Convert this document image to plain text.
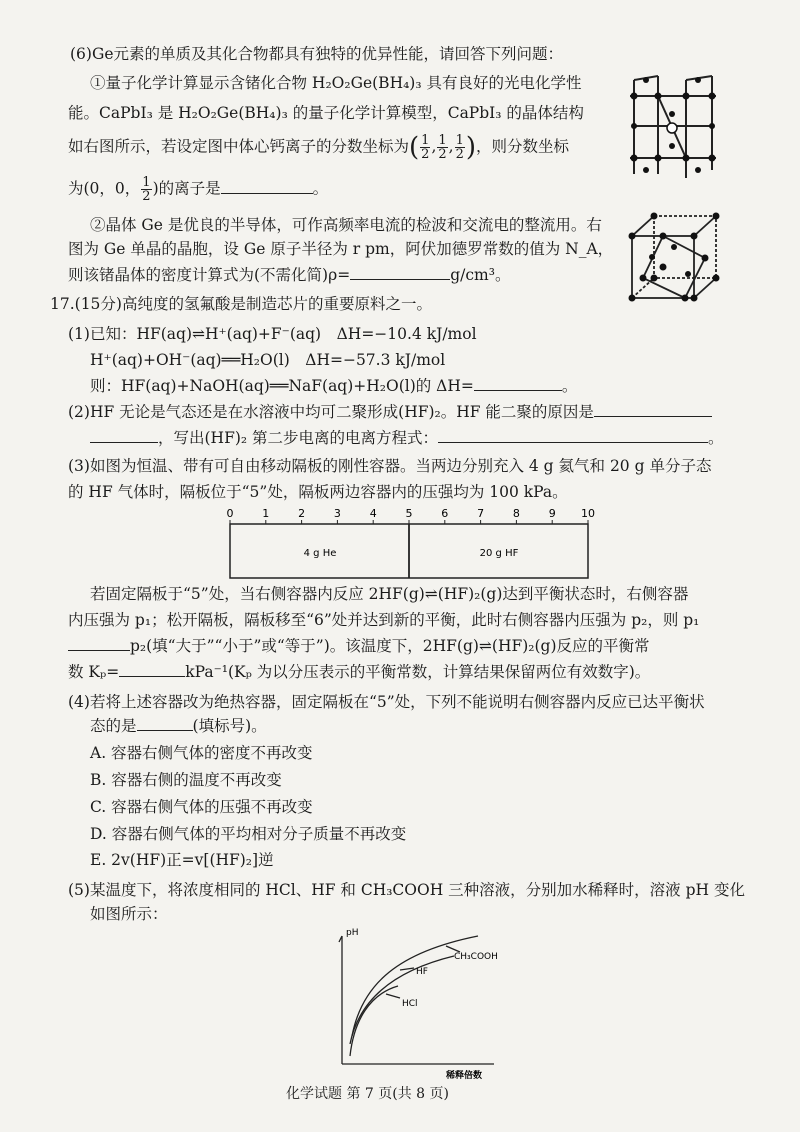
(6)Ge元素的单质及其化合物都具有独特的优异性能，请回答下列问题：
①量子化学计算显示含锗化合物 H₂O₂Ge(BH₄)₃ 具有良好的光电化学性
能。CaPbI₃ 是 H₂O₂Ge(BH₄)₃ 的量子化学计算模型，CaPbI₃ 的晶体结构
如右图所示，若设定图中体心钙离子的分数坐标为( $\frac{1}{2}$ , $\frac{1}{2}$ , $\frac{1}{2}$ )，则分数坐标
为(0，0， $\frac{1}{2}$ )的离子是	。
②晶体 Ge 是优良的半导体，可作高频率电流的检波和交流电的整流用。右
图为 Ge 单晶的晶胞，设 Ge 原子半径为 r pm，阿伏加德罗常数的值为 N_A，
则该锗晶体的密度计算式为(不需化简)ρ=	g/cm³。
17.(15分)高纯度的氢氟酸是制造芯片的重要原料之一。
(1)已知：HF(aq)⇌H⁺(aq)+F⁻(aq)　ΔH=−10.4 kJ/mol
H⁺(aq)+OH⁻(aq)══H₂O(l)　ΔH=−57.3 kJ/mol
则：HF(aq)+NaOH(aq)══NaF(aq)+H₂O(l)的 ΔH=	。
(2)HF 无论是气态还是在水溶液中均可二聚形成(HF)₂。HF 能二聚的原因是
，写出(HF)₂ 第二步电离的电离方程式：	。
(3)如图为恒温、带有可自由移动隔板的刚性容器。当两边分别充入 4 g 氦气和 20 g 单分子态
的 HF 气体时，隔板位于“5”处，隔板两边容器内的压强均为 100 kPa。
0	1	2	3	4	5	6	7	8	9 10
4 g He	20 g HF
若固定隔板于“5”处，当右侧容器内反应 2HF(g)⇌(HF)₂(g)达到平衡状态时，右侧容器
内压强为 p₁；松开隔板，隔板移至“6”处并达到新的平衡，此时右侧容器内压强为 p₂，则 p₁
p₂(填“大于”“小于”或“等于”)。该温度下，2HF(g)⇌(HF)₂(g)反应的平衡常
数 Kₚ=	kPa⁻¹(Kₚ 为以分压表示的平衡常数，计算结果保留两位有效数字)。
(4)若将上述容器改为绝热容器，固定隔板在“5”处，下列不能说明右侧容器内反应已达平衡状
态的是	(填标号)。
A. 容器右侧气体的密度不再改变
B. 容器右侧的温度不再改变
C. 容器右侧气体的压强不再改变
D. 容器右侧气体的平均相对分子质量不再改变
E. 2v(HF)正=v[(HF)₂]逆
(5)某温度下，将浓度相同的 HCl、HF 和 CH₃COOH 三种溶液，分别加水稀释时，溶液 pH 变化
如图所示：
pH
稀释倍数
CH₃COOH
HF
HCl
化学试题 第 7 页(共 8 页)
